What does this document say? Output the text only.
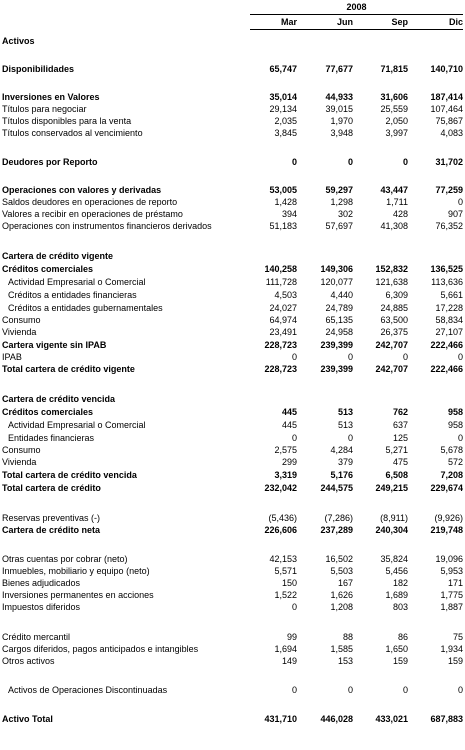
2008
Mar	Jun	Sep	Dic
Activos
Disponibilidades	65,747	77,677	71,815	140,710
Inversiones en Valores	35,014	44,933	31,606	187,414
Títulos para negociar	29,134	39,015	25,559	107,464
Títulos disponibles para la venta	2,035	1,970	2,050	75,867
Títulos conservados al vencimiento	3,845	3,948	3,997	4,083
Deudores por Reporto	0	0	0	31,702
Operaciones con valores y derivadas	53,005	59,297	43,447	77,259
Saldos deudores en operaciones de reporto	1,428	1,298	1,711	0
Valores a recibir en operaciones de préstamo	394	302	428	907
Operaciones con instrumentos financieros derivados	51,183	57,697	41,308	76,352
Cartera de crédito vigente
Créditos comerciales	140,258	149,306	152,832	136,525
Actividad Empresarial o Comercial	111,728	120,077	121,638	113,636
Créditos a entidades financieras	4,503	4,440	6,309	5,661
Créditos a entidades gubernamentales	24,027	24,789	24,885	17,228
Consumo	64,974	65,135	63,500	58,834
Vivienda	23,491	24,958	26,375	27,107
Cartera vigente sin IPAB	228,723	239,399	242,707	222,466
IPAB	0	0	0	0
Total cartera de crédito vigente	228,723	239,399	242,707	222,466
Cartera de crédito vencida
Créditos comerciales	445	513	762	958
Actividad Empresarial o Comercial	445	513	637	958
Entidades financieras	0	0	125	0
Consumo	2,575	4,284	5,271	5,678
Vivienda	299	379	475	572
Total cartera de crédito vencida	3,319	5,176	6,508	7,208
Total cartera de crédito	232,042	244,575	249,215	229,674
Reservas preventivas (-)	(5,436)	(7,286)	(8,911)	(9,926)
Cartera de crédito neta	226,606	237,289	240,304	219,748
Otras cuentas por cobrar (neto)	42,153	16,502	35,824	19,096
Inmuebles, mobiliario y equipo (neto)	5,571	5,503	5,456	5,953
Bienes adjudicados	150	167	182	171
Inversiones permanentes en acciones	1,522	1,626	1,689	1,775
Impuestos diferidos	0	1,208	803	1,887
Crédito mercantil	99	88	86	75
Cargos diferidos, pagos anticipados e intangibles	1,694	1,585	1,650	1,934
Otros activos	149	153	159	159
Activos de Operaciones Discontinuadas	0	0	0	0
Activo Total	431,710	446,028	433,021	687,883
